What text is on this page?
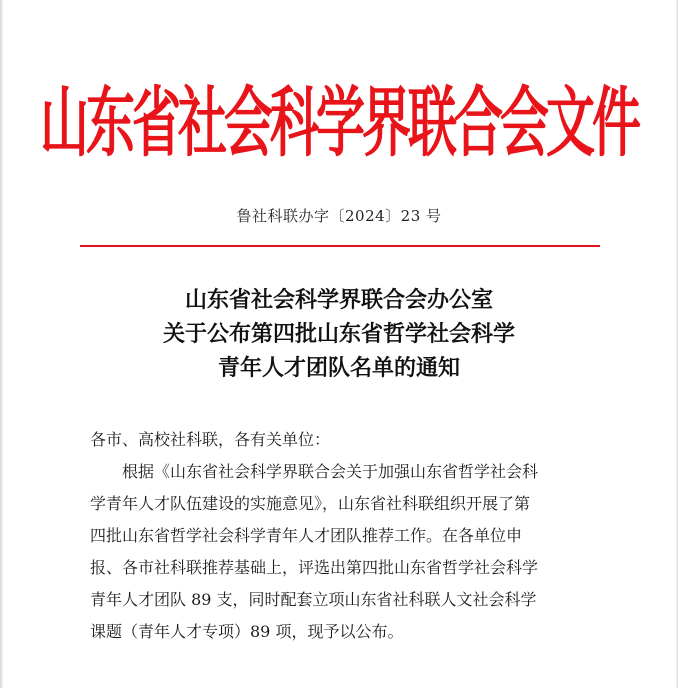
山东省社会科学界联合会文件
鲁社科联办字〔2024〕23 号
山东省社会科学界联合会办公室
关于公布第四批山东省哲学社会科学
青年人才团队名单的通知
各市、高校社科联，各有关单位：
根据《山东省社会科学界联合会关于加强山东省哲学社会科
学青年人才队伍建设的实施意见》，山东省社科联组织开展了第
四批山东省哲学社会科学青年人才团队推荐工作。在各单位申
报、各市社科联推荐基础上，评选出第四批山东省哲学社会科学
青年人才团队 89 支，同时配套立项山东省社科联人文社会科学
课题（青年人才专项）89 项，现予以公布。
